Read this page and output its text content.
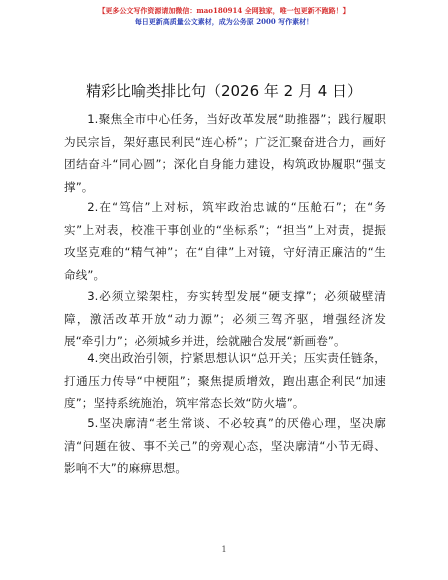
【更多公文写作资源请加微信：mao180914 全网独家，唯一包更新不跑路！】
每日更新高质量公文素材，成为公务原 2000 写作素材！
精彩比喻类排比句（2026 年 2 月 4 日）
1.聚焦全市中心任务，当好改革发展“助推器”；践行履职为民宗旨，架好惠民利民“连心桥”；广泛汇聚奋进合力，画好团结奋斗“同心圆”；深化自身能力建设，构筑政协履职“强支撑”。
2.在“笃信”上对标，筑牢政治忠诚的“压舱石”；在“务实”上对表，校准干事创业的“坐标系”；“担当”上对责，提振攻坚克难的“精气神”；在“自律”上对镜，守好清正廉洁的“生命线”。
3.必须立梁架柱，夯实转型发展“硬支撑”；必须破壁清障，激活改革开放“动力源”；必须三驾齐驱，增强经济发展“牵引力”；必须城乡并进，绘就融合发展“新画卷”。
4.突出政治引领，拧紧思想认识“总开关；压实责任链条，打通压力传导“中梗阻”；聚焦提质增效，跑出惠企利民“加速度”；坚持系统施治，筑牢常态长效“防火墙”。
5.坚决廓清“老生常谈、不必较真”的厌倦心理，坚决廓清“问题在彼、事不关己”的旁观心态，坚决廓清“小节无碍、影响不大”的麻痹思想。
1
